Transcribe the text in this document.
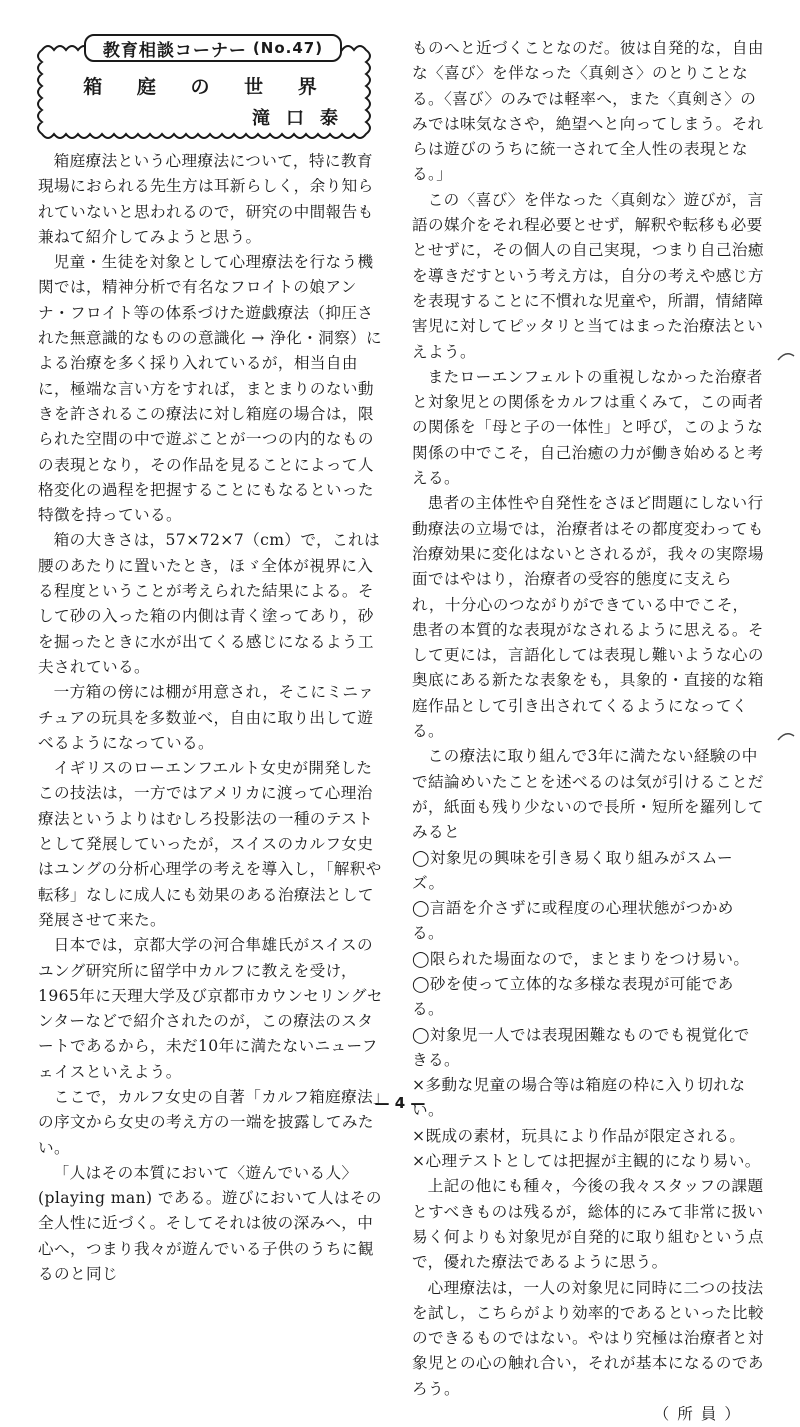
教育相談コーナー (No.47)
箱 庭 の 世 界
滝口泰

箱庭療法という心理療法について，特に教育現場におられる先生方は耳新らしく，余り知られていないと思われるので，研究の中間報告も兼ねて紹介してみようと思う。

児童・生徒を対象として心理療法を行なう機関では，精神分析で有名なフロイトの娘アンナ・フロイト等の体系づけた遊戯療法（抑圧された無意識的なものの意識化 → 浄化・洞察）による治療を多く採り入れているが，相当自由に，極端な言い方をすれば，まとまりのない動きを許されるこの療法に対し箱庭の場合は，限られた空間の中で遊ぶことが一つの内的なものの表現となり，その作品を見ることによって人格変化の過程を把握することにもなるといった特徴を持っている。

箱の大きさは，57×72×7（cm）で，これは腰のあたりに置いたとき，ほゞ全体が視界に入る程度ということが考えられた結果による。そして砂の入った箱の内側は青く塗ってあり，砂を掘ったときに水が出てくる感じになるよう工夫されている。

一方箱の傍には棚が用意され，そこにミニァチュアの玩具を多数並べ，自由に取り出して遊べるようになっている。

イギリスのローエンフエルト女史が開発したこの技法は，一方ではアメリカに渡って心理治療法というよりはむしろ投影法の一種のテストとして発展していったが，スイスのカルフ女史はユングの分析心理学の考えを導入し，「解釈や転移」なしに成人にも効果のある治療法として発展させて来た。

日本では，京都大学の河合隼雄氏がスイスのユング研究所に留学中カルフに教えを受け，1965年に天理大学及び京都市カウンセリングセンターなどで紹介されたのが，この療法のスタートであるから，未だ10年に満たないニューフェイスといえよう。

ここで，カルフ女史の自著「カルフ箱庭療法」の序文から女史の考え方の一端を披露してみたい。

「人はその本質において〈遊んでいる人〉(playing man) である。遊びにおいて人はその全人性に近づく。そしてそれは彼の深みへ，中心へ，つまり我々が遊んでいる子供のうちに観るのと同じ

ものへと近づくことなのだ。彼は自発的な，自由な〈喜び〉を伴なった〈真剣さ〉のとりことなる。〈喜び〉のみでは軽率へ，また〈真剣さ〉のみでは味気なさや，絶望へと向ってしまう。それらは遊びのうちに統一されて全人性の表現となる。」

この〈喜び〉を伴なった〈真剣な〉遊びが，言語の媒介をそれ程必要とせず，解釈や転移も必要とせずに，その個人の自己実現，つまり自己治癒を導きだすという考え方は，自分の考えや感じ方を表現することに不慣れな児童や，所謂，情緒障害児に対してピッタリと当てはまった治療法といえよう。

またローエンフェルトの重視しなかった治療者と対象児との関係をカルフは重くみて，この両者の関係を「母と子の一体性」と呼び，このような関係の中でこそ，自己治癒の力が働き始めると考える。

患者の主体性や自発性をさほど問題にしない行動療法の立場では，治療者はその都度変わっても治療効果に変化はないとされるが，我々の実際場面ではやはり，治療者の受容的態度に支えられ，十分心のつながりができている中でこそ，患者の本質的な表現がなされるように思える。そして更には，言語化しては表現し難いような心の奥底にある新たな表象をも，具象的・直接的な箱庭作品として引き出されてくるようになってくる。

この療法に取り組んで3年に満たない経験の中で結論めいたことを述べるのは気が引けることだが，紙面も残り少ないので長所・短所を羅列してみると

◯対象児の興味を引き易く取り組みがスムーズ。

◯言語を介さずに或程度の心理状態がつかめる。

◯限られた場面なので，まとまりをつけ易い。

◯砂を使って立体的な多様な表現が可能である。

◯対象児一人では表現困難なものでも視覚化できる。

×多動な児童の場合等は箱庭の枠に入り切れない。

×既成の素材，玩具により作品が限定される。

×心理テストとしては把握が主観的になり易い。

上記の他にも種々，今後の我々スタッフの課題とすべきものは残るが，総体的にみて非常に扱い易く何よりも対象児が自発的に取り組むという点で，優れた療法であるように思う。

心理療法は，一人の対象児に同時に二つの技法を試し，こちらがより効率的であるといった比較のできるものではない。やはり究極は治療者と対象児との心の触れ合い，それが基本になるのであろう。

（所員）

— 4 —
